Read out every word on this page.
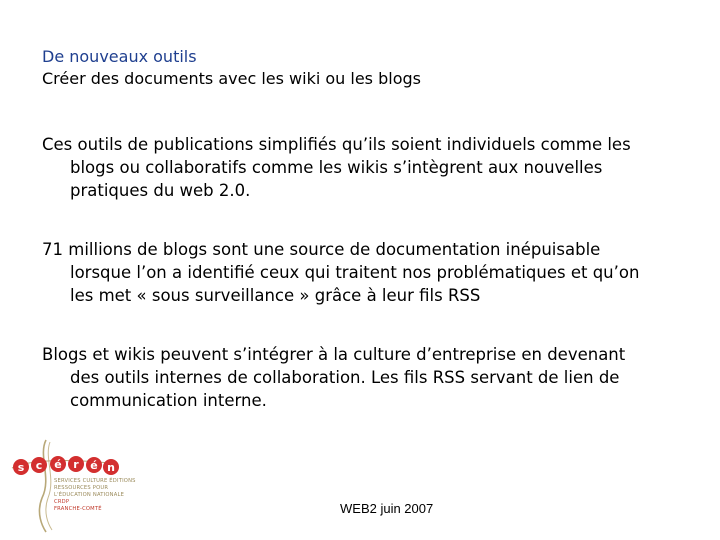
De nouveaux outils
Créer des documents avec les wiki ou les blogs

Ces outils de publications simplifiés qu’ils soient individuels comme les
blogs ou collaboratifs comme les wikis s’intègrent aux nouvelles
pratiques du web 2.0.

71 millions de blogs sont une source de documentation inépuisable
lorsque l’on a identifié ceux qui traitent nos problématiques et qu’on
les met « sous surveillance » grâce à leur fils RSS

Blogs et wikis peuvent s’intégrer à la culture d’entreprise en devenant
des outils internes de collaboration. Les fils RSS servant de lien de
communication interne.

s c é r é n
SERVICES CULTURE ÉDITIONS
RESSOURCES POUR
L'ÉDUCATION NATIONALE
CRDP
FRANCHE-COMTÉ	WEB2 juin 2007
